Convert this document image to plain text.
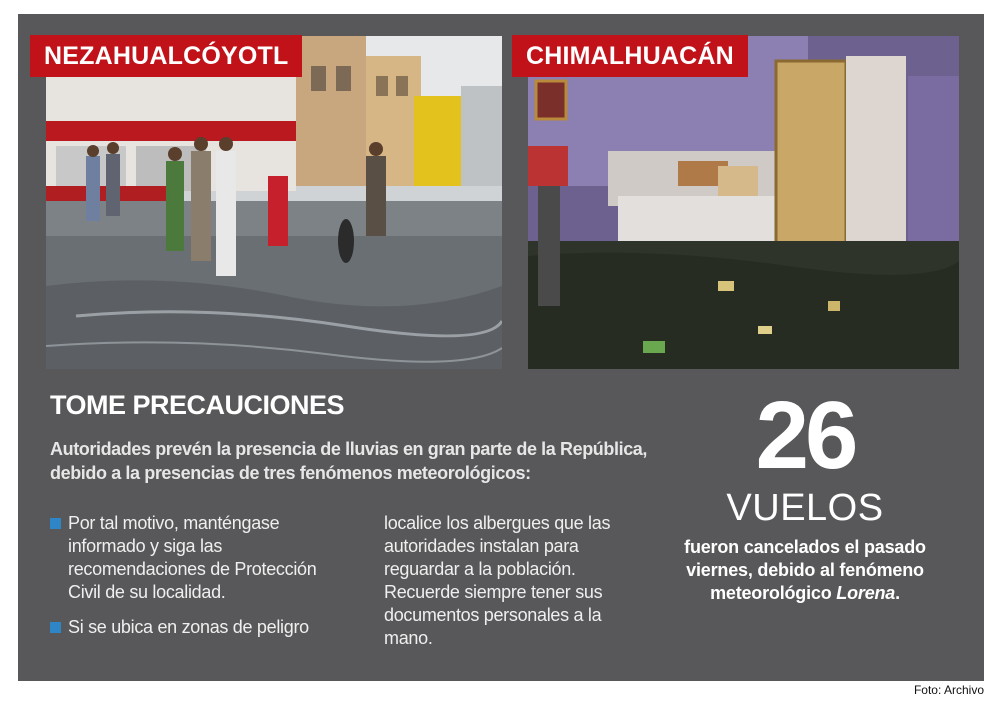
NEZAHUALCÓYOTL	CHIMALHUACÁN
TOME PRECAUCIONES
Autoridades prevén la presencia de lluvias en gran parte de la República, debido a la presencias de tres fenómenos meteorológicos:
Por tal motivo, manténgase informado y siga las recomendaciones de Protección Civil de su localidad.
Si se ubica en zonas de peligro
localice los albergues que las autoridades instalan para reguardar a la población. Recuerde siempre tener sus documentos personales a la mano.
26
VUELOS
fueron cancelados el pasado viernes, debido al fenómeno meteorológico Lorena.
Foto: Archivo
